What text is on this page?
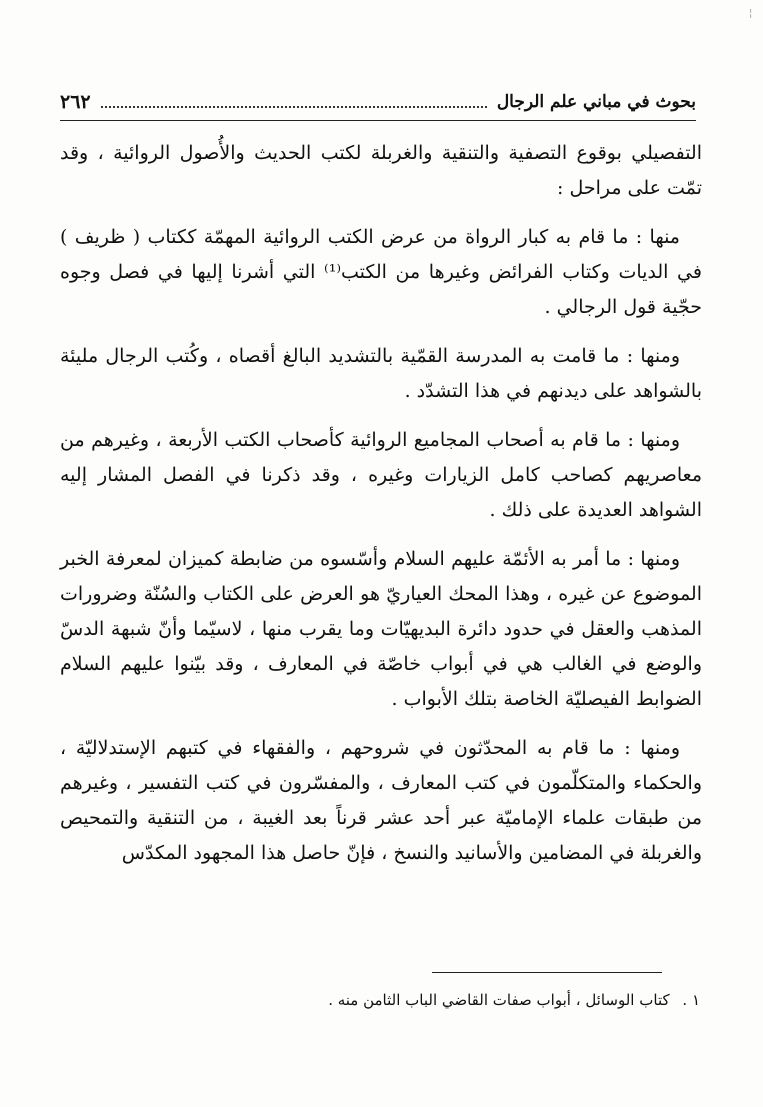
¦
بحوث في مباني علم الرجال
٢٦٢

التفصيلي بوقوع التصفية والتنقية والغربلة لكتب الحديث والأُصول الروائية ، وقد تمّت على مراحل :

منها : ما قام به كبار الرواة من عرض الكتب الروائية المهمّة ككتاب ( ظريف ) في الديات وكتاب الفرائض وغيرها من الكتب⁽¹⁾ التي أشرنا إليها في فصل وجوه حجّية قول الرجالي .

ومنها : ما قامت به المدرسة القمّية بالتشديد البالغ أقصاه ، وكُتب الرجال مليئة بالشواهد على ديدنهم في هذا التشدّد .

ومنها : ما قام به أصحاب المجاميع الروائية كأصحاب الكتب الأربعة ، وغيرهم من معاصريهم كصاحب كامل الزيارات وغيره ، وقد ذكرنا في الفصل المشار إليه الشواهد العديدة على ذلك .

ومنها : ما أمر به الأئمّة عليهم السلام وأسّسوه من ضابطة كميزان لمعرفة الخبر الموضوع عن غيره ، وهذا المحك العياريّ هو العرض على الكتاب والسُنّة وضرورات المذهب والعقل في حدود دائرة البديهيّات وما يقرب منها ، لاسيّما وأنّ شبهة الدسّ والوضع في الغالب هي في أبواب خاصّة في المعارف ، وقد بيّنوا عليهم السلام الضوابط الفيصليّة الخاصة بتلك الأبواب .

ومنها : ما قام به المحدّثون في شروحهم ، والفقهاء في كتبهم الإستدلاليّة ، والحكماء والمتكلّمون في كتب المعارف ، والمفسّرون في كتب التفسير ، وغيرهم من طبقات علماء الإماميّة عبر أحد عشر قرناً بعد الغيبة ، من التنقية والتمحيص والغربلة في المضامين والأسانيد والنسخ ، فإنّ حاصل هذا المجهود المكدّس

١ . كتاب الوسائل ، أبواب صفات القاضي الباب الثامن منه .
